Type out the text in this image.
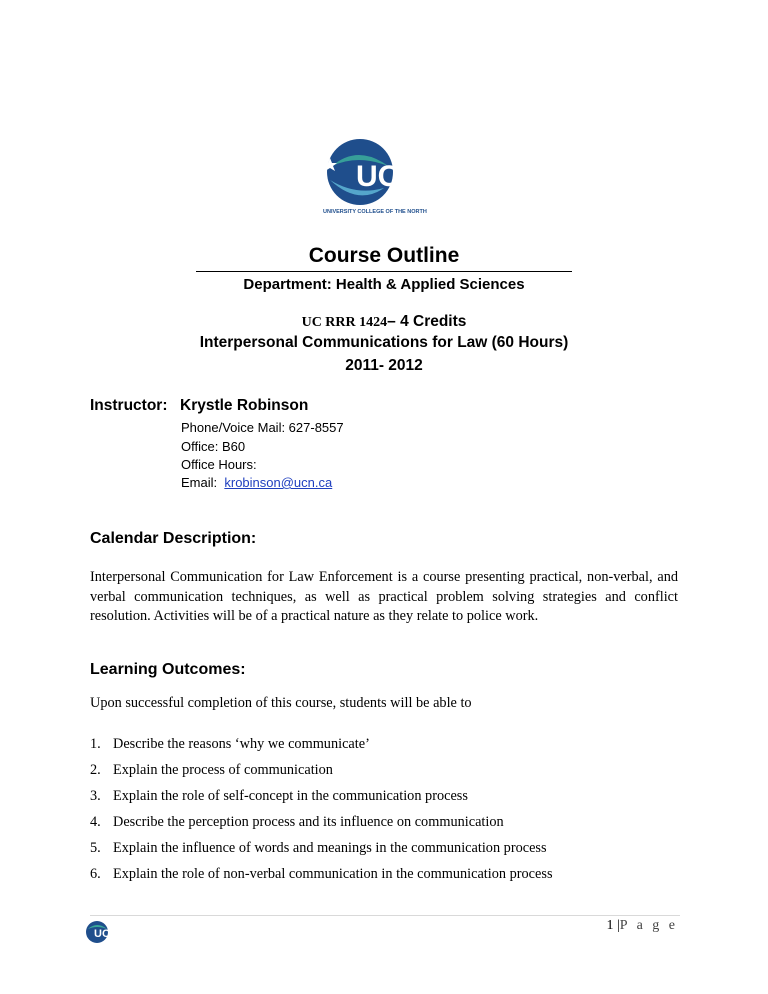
UCN
UNIVERSITY COLLEGE OF THE NORTH
Course Outline
Department: Health & Applied Sciences
UC RRR 1424– 4 Credits
Interpersonal Communications for Law (60 Hours)
2011- 2012
Instructor: Krystle Robinson
Phone/Voice Mail: 627-8557
Office: B60
Office Hours:
Email: krobinson@ucn.ca
Calendar Description:
Interpersonal Communication for Law Enforcement is a course presenting practical, non-verbal, and verbal communication techniques, as well as practical problem solving strategies and conflict resolution. Activities will be of a practical nature as they relate to police work.
Learning Outcomes:
Upon successful completion of this course, students will be able to
1. Describe the reasons ‘why we communicate’
2. Explain the process of communication
3. Explain the role of self-concept in the communication process
4. Describe the perception process and its influence on communication
5. Explain the influence of words and meanings in the communication process
6. Explain the role of non-verbal communication in the communication process
UCN
1 |P a g e
